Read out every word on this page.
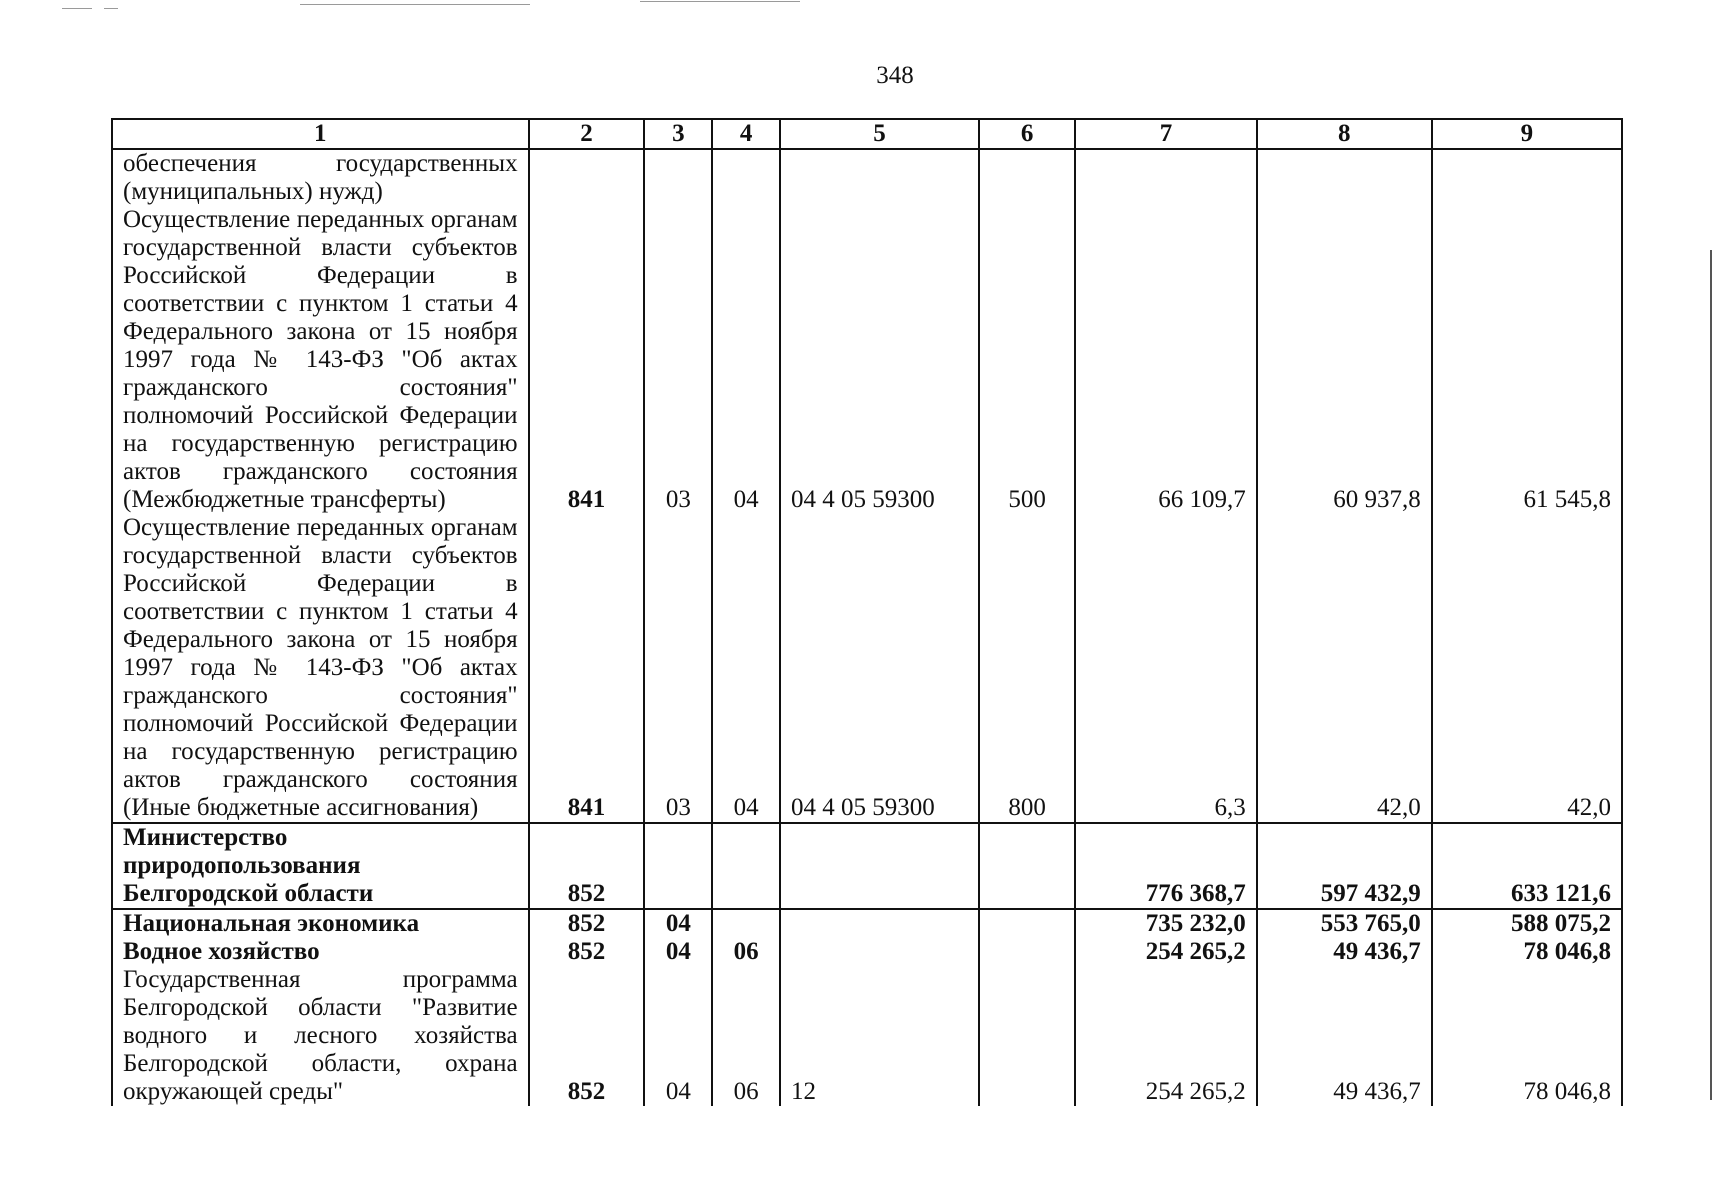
348
1	2	3	4	5	6	7	8	9
обеспечения государственных (муниципальных) нужд)								
Осуществление переданных органам государственной власти субъектов Российской Федерации в соответствии с пунктом 1 статьи 4 Федерального закона от 15 ноября 1997 года № 143-ФЗ "Об актах гражданского состояния" полномочий Российской Федерации на государственную регистрацию актов гражданского состояния (Межбюджетные трансферты)	841	03	04	04 4 05 59300	500	66 109,7	60 937,8	61 545,8
Осуществление переданных органам государственной власти субъектов Российской Федерации в соответствии с пунктом 1 статьи 4 Федерального закона от 15 ноября 1997 года № 143-ФЗ "Об актах гражданского состояния" полномочий Российской Федерации на государственную регистрацию актов гражданского состояния (Иные бюджетные ассигнования)	841	03	04	04 4 05 59300	800	6,3	42,0	42,0
Министерство природопользования Белгородской области	852					776 368,7	597 432,9	633 121,6
Национальная экономика	852	04				735 232,0	553 765,0	588 075,2
Водное хозяйство	852	04	06			254 265,2	49 436,7	78 046,8
Государственная программа Белгородской области "Развитие водного и лесного хозяйства Белгородской области, охрана окружающей среды"	852	04	06	12		254 265,2	49 436,7	78 046,8
